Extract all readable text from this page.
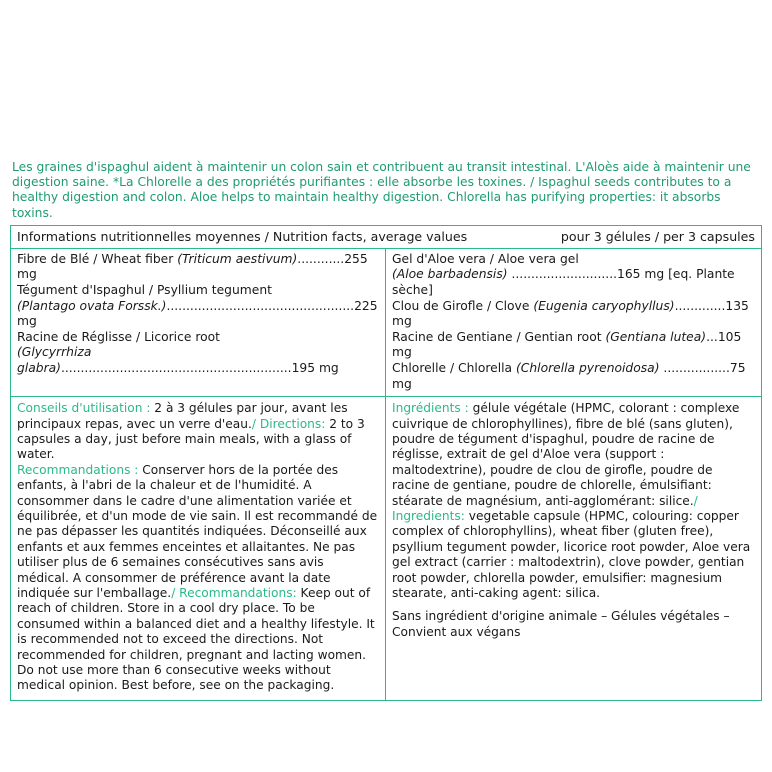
Les graines d'ispaghul aident à maintenir un colon sain et contribuent au transit intestinal. L'Aloès aide à maintenir une digestion saine. *La Chlorelle a des propriétés purifiantes : elle absorbe les toxines. / Ispaghul seeds contributes to a healthy digestion and colon. Aloe helps to maintain healthy digestion. Chlorella has purifying properties: it absorbs toxins.
Informations nutritionnelles moyennes / Nutrition facts, average values	pour 3 gélules / per 3 capsules
Fibre de Blé / Wheat fiber (Triticum aestivum)............255 mg
Tégument d'Ispaghul / Psyllium tegument
(Plantago ovata Forssk.)................................................225 mg
Racine de Réglisse / Licorice root
(Glycyrrhiza glabra)...........................................................195 mg
Gel d'Aloe vera / Aloe vera gel
(Aloe barbadensis) ...........................165 mg [eq. Plante sèche]
Clou de Girofle / Clove (Eugenia caryophyllus).............135 mg
Racine de Gentiane / Gentian root (Gentiana lutea)...105 mg
Chlorelle / Chlorella (Chlorella pyrenoidosa) .................75 mg

Conseils d'utilisation : 2 à 3 gélules par jour, avant les principaux repas, avec un verre d'eau./ Directions: 2 to 3 capsules a day, just before main meals, with a glass of water.

Recommandations : Conserver hors de la portée des enfants, à l'abri de la chaleur et de l'humidité. A consommer dans le cadre d'une alimentation variée et équilibrée, et d'un mode de vie sain. Il est recommandé de ne pas dépasser les quantités indiquées. Déconseillé aux enfants et aux femmes enceintes et allaitantes. Ne pas utiliser plus de 6 semaines consécutives sans avis médical. A consommer de préférence avant la date indiquée sur l'emballage./ Recommandations: Keep out of reach of children. Store in a cool dry place. To be consumed within a balanced diet and a healthy lifestyle. It is recommended not to exceed the directions. Not recommended for children, pregnant and lacting women. Do not use more than 6 consecutive weeks without medical opinion. Best before, see on the packaging.

Ingrédients : gélule végétale (HPMC, colorant : complexe cuivrique de chlorophyllines), fibre de blé (sans gluten), poudre de tégument d'ispaghul, poudre de racine de réglisse, extrait de gel d'Aloe vera (support : maltodextrine), poudre de clou de girofle, poudre de racine de gentiane, poudre de chlorelle, émulsifiant: stéarate de magnésium, anti-agglomérant: silice./ Ingredients: vegetable capsule (HPMC, colouring: copper complex of chlorophyllins), wheat fiber (gluten free), psyllium tegument powder, licorice root powder, Aloe vera gel extract (carrier : maltodextrin), clove powder, gentian root powder, chlorella powder, emulsifier: magnesium stearate, anti-caking agent: silica.

Sans ingrédient d'origine animale – Gélules végétales – Convient aux végans
